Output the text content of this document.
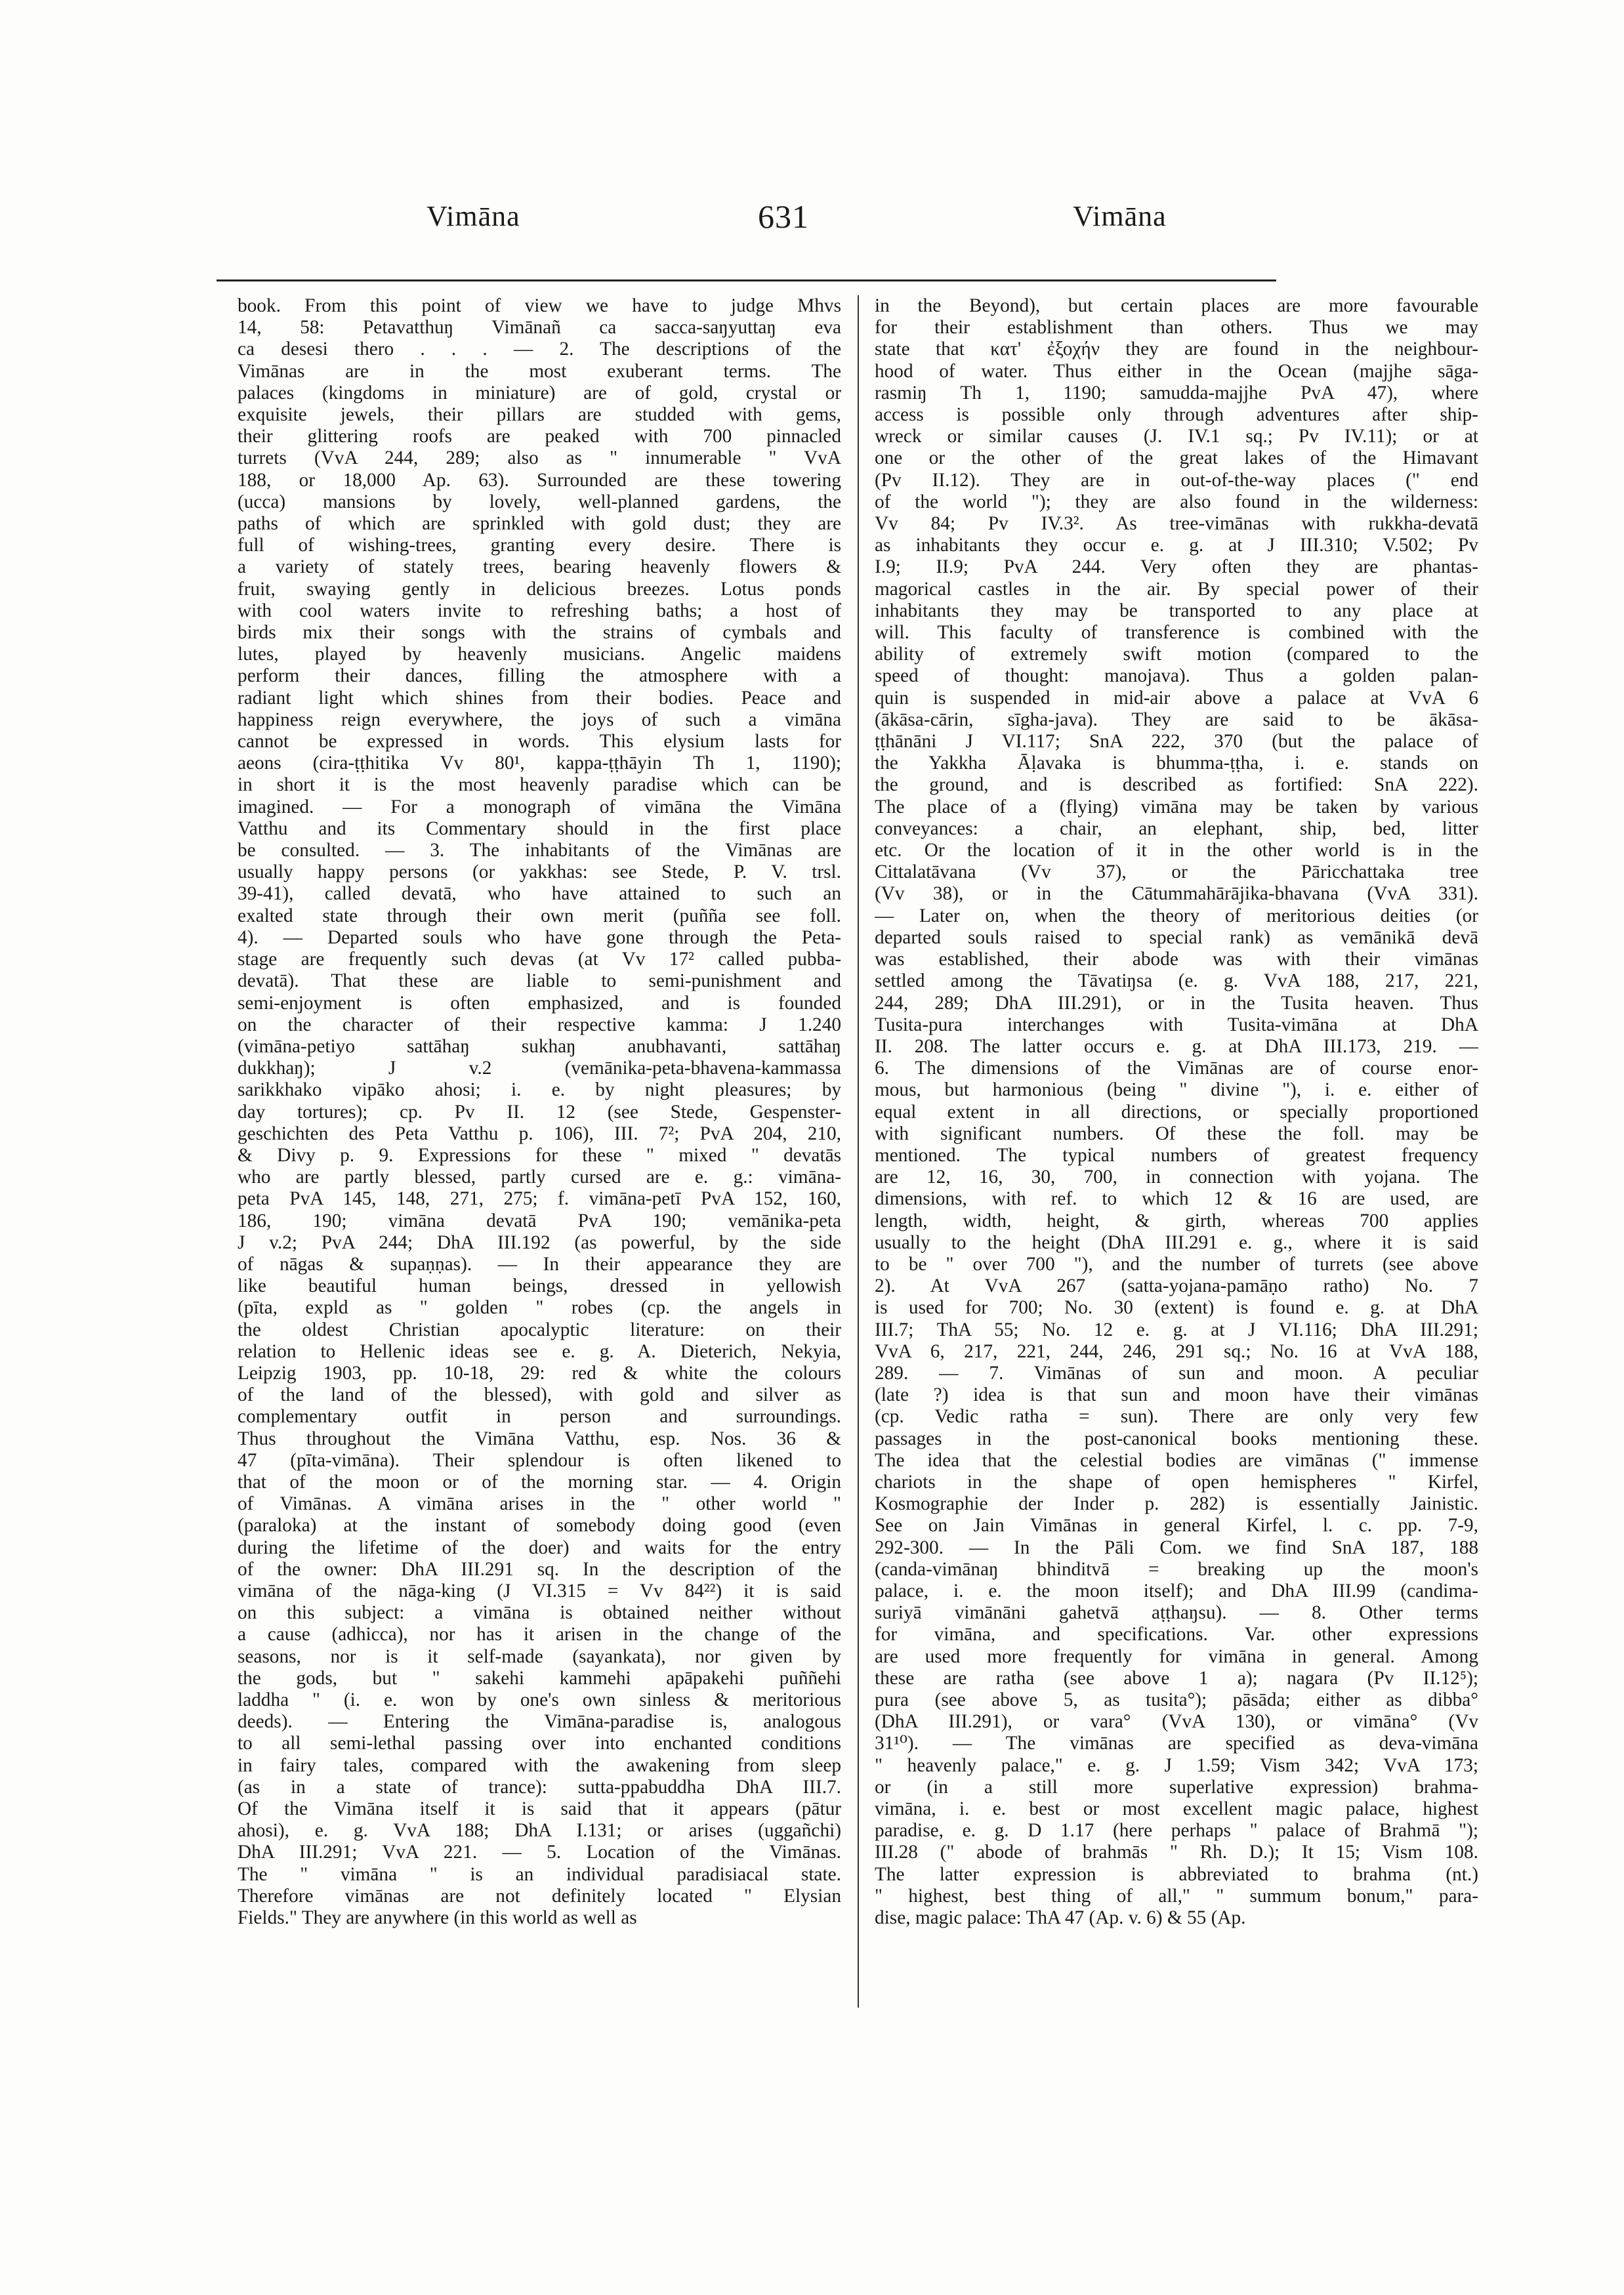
Vimāna	631	Vimāna

book. From this point of view we have to judge Mhvs
14, 58: Petavatthuŋ Vimānañ ca sacca-saŋyuttaŋ eva
ca desesi thero . . . — 2. The descriptions of the
Vimānas are in the most exuberant terms. The
palaces (kingdoms in miniature) are of gold, crystal or
exquisite jewels, their pillars are studded with gems,
their glittering roofs are peaked with 700 pinnacled
turrets (VvA 244, 289; also as " innumerable " VvA
188, or 18,000 Ap. 63). Surrounded are these towering
(ucca) mansions by lovely, well-planned gardens, the
paths of which are sprinkled with gold dust; they are
full of wishing-trees, granting every desire. There is
a variety of stately trees, bearing heavenly flowers &
fruit, swaying gently in delicious breezes. Lotus ponds
with cool waters invite to refreshing baths; a host of
birds mix their songs with the strains of cymbals and
lutes, played by heavenly musicians. Angelic maidens
perform their dances, filling the atmosphere with a
radiant light which shines from their bodies. Peace and
happiness reign everywhere, the joys of such a vimāna
cannot be expressed in words. This elysium lasts for
aeons (cira-ṭṭhitika Vv 80¹, kappa-ṭṭhāyin Th 1, 1190);
in short it is the most heavenly paradise which can be
imagined. — For a monograph of vimāna the Vimāna
Vatthu and its Commentary should in the first place
be consulted. — 3. The inhabitants of the Vimānas are
usually happy persons (or yakkhas: see Stede, P. V. trsl.
39-41), called devatā, who have attained to such an
exalted state through their own merit (puñña see foll.
4). — Departed souls who have gone through the Peta-
stage are frequently such devas (at Vv 17² called pubba-
devatā). That these are liable to semi-punishment and
semi-enjoyment is often emphasized, and is founded
on the character of their respective kamma: J 1.240
(vimāna-petiyo sattāhaŋ sukhaŋ anubhavanti, sattāhaŋ
dukkhaŋ); J v.2 (vemānika-peta-bhavena-kammassa
sarikkhako vipāko ahosi; i. e. by night pleasures; by
day tortures); cp. Pv II. 12 (see Stede, Gespenster-
geschichten des Peta Vatthu p. 106), III. 7²; PvA 204, 210,
& Divy p. 9. Expressions for these " mixed " devatās
who are partly blessed, partly cursed are e. g.: vimāna-
peta PvA 145, 148, 271, 275; f. vimāna-petī PvA 152, 160,
186, 190; vimāna devatā PvA 190; vemānika-peta
J v.2; PvA 244; DhA III.192 (as powerful, by the side
of nāgas & supaṇṇas). — In their appearance they are
like beautiful human beings, dressed in yellowish
(pīta, expld as " golden " robes (cp. the angels in
the oldest Christian apocalyptic literature: on their
relation to Hellenic ideas see e. g. A. Dieterich, Nekyia,
Leipzig 1903, pp. 10-18, 29: red & white the colours
of the land of the blessed), with gold and silver as
complementary outfit in person and surroundings.
Thus throughout the Vimāna Vatthu, esp. Nos. 36 &
47 (pīta-vimāna). Their splendour is often likened to
that of the moon or of the morning star. — 4. Origin
of Vimānas. A vimāna arises in the " other world "
(paraloka) at the instant of somebody doing good (even
during the lifetime of the doer) and waits for the entry
of the owner: DhA III.291 sq. In the description of the
vimāna of the nāga-king (J VI.315 = Vv 84²²) it is said
on this subject: a vimāna is obtained neither without
a cause (adhicca), nor has it arisen in the change of the
seasons, nor is it self-made (sayankata), nor given by
the gods, but " sakehi kammehi apāpakehi puññehi
laddha " (i. e. won by one's own sinless & meritorious
deeds). — Entering the Vimāna-paradise is, analogous
to all semi-lethal passing over into enchanted conditions
in fairy tales, compared with the awakening from sleep
(as in a state of trance): sutta-ppabuddha DhA III.7.
Of the Vimāna itself it is said that it appears (pātur
ahosi), e. g. VvA 188; DhA I.131; or arises (uggañchi)
DhA III.291; VvA 221. — 5. Location of the Vimānas.
The " vimāna " is an individual paradisiacal state.
Therefore vimānas are not definitely located " Elysian
Fields." They are anywhere (in this world as well as

in the Beyond), but certain places are more favourable
for their establishment than others. Thus we may
state that κατ' ἐξοχήν they are found in the neighbour-
hood of water. Thus either in the Ocean (majjhe sāga-
rasmiŋ Th 1, 1190; samudda-majjhe PvA 47), where
access is possible only through adventures after ship-
wreck or similar causes (J. IV.1 sq.; Pv IV.11); or at
one or the other of the great lakes of the Himavant
(Pv II.12). They are in out-of-the-way places (" end
of the world "); they are also found in the wilderness:
Vv 84; Pv IV.3². As tree-vimānas with rukkha-devatā
as inhabitants they occur e. g. at J III.310; V.502; Pv
I.9; II.9; PvA 244. Very often they are phantas-
magorical castles in the air. By special power of their
inhabitants they may be transported to any place at
will. This faculty of transference is combined with the
ability of extremely swift motion (compared to the
speed of thought: manojava). Thus a golden palan-
quin is suspended in mid-air above a palace at VvA 6
(ākāsa-cārin, sīgha-java). They are said to be ākāsa-
ṭṭhānāni J VI.117; SnA 222, 370 (but the palace of
the Yakkha Āḷavaka is bhumma-ṭṭha, i. e. stands on
the ground, and is described as fortified: SnA 222).
The place of a (flying) vimāna may be taken by various
conveyances: a chair, an elephant, ship, bed, litter
etc. Or the location of it in the other world is in the
Cittalatāvana (Vv 37), or the Pāricchattaka tree
(Vv 38), or in the Cātummahārājika-bhavana (VvA 331).
— Later on, when the theory of meritorious deities (or
departed souls raised to special rank) as vemānikā devā
was established, their abode was with their vimānas
settled among the Tāvatiŋsa (e. g. VvA 188, 217, 221,
244, 289; DhA III.291), or in the Tusita heaven. Thus
Tusita-pura interchanges with Tusita-vimāna at DhA
II. 208. The latter occurs e. g. at DhA III.173, 219. —
6. The dimensions of the Vimānas are of course enor-
mous, but harmonious (being " divine "), i. e. either of
equal extent in all directions, or specially proportioned
with significant numbers. Of these the foll. may be
mentioned. The typical numbers of greatest frequency
are 12, 16, 30, 700, in connection with yojana. The
dimensions, with ref. to which 12 & 16 are used, are
length, width, height, & girth, whereas 700 applies
usually to the height (DhA III.291 e. g., where it is said
to be " over 700 "), and the number of turrets (see above
2). At VvA 267 (satta-yojana-pamāṇo ratho) No. 7
is used for 700; No. 30 (extent) is found e. g. at DhA
III.7; ThA 55; No. 12 e. g. at J VI.116; DhA III.291;
VvA 6, 217, 221, 244, 246, 291 sq.; No. 16 at VvA 188,
289. — 7. Vimānas of sun and moon. A peculiar
(late ?) idea is that sun and moon have their vimānas
(cp. Vedic ratha = sun). There are only very few
passages in the post-canonical books mentioning these.
The idea that the celestial bodies are vimānas (" immense
chariots in the shape of open hemispheres " Kirfel,
Kosmographie der Inder p. 282) is essentially Jainistic.
See on Jain Vimānas in general Kirfel, l. c. pp. 7-9,
292-300. — In the Pāli Com. we find SnA 187, 188
(canda-vimānaŋ bhinditvā = breaking up the moon's
palace, i. e. the moon itself); and DhA III.99 (candima-
suriyā vimānāni gahetvā aṭṭhaŋsu). — 8. Other terms
for vimāna, and specifications. Var. other expressions
are used more frequently for vimāna in general. Among
these are ratha (see above 1 a); nagara (Pv II.12⁵);
pura (see above 5, as tusita°); pāsāda; either as dibba°
(DhA III.291), or vara° (VvA 130), or vimāna° (Vv
31¹⁰). — The vimānas are specified as deva-vimāna
" heavenly palace," e. g. J 1.59; Vism 342; VvA 173;
or (in a still more superlative expression) brahma-
vimāna, i. e. best or most excellent magic palace, highest
paradise, e. g. D 1.17 (here perhaps " palace of Brahmā ");
III.28 (" abode of brahmās " Rh. D.); It 15; Vism 108.
The latter expression is abbreviated to brahma (nt.)
" highest, best thing of all," " summum bonum," para-
dise, magic palace: ThA 47 (Ap. v. 6) & 55 (Ap.
